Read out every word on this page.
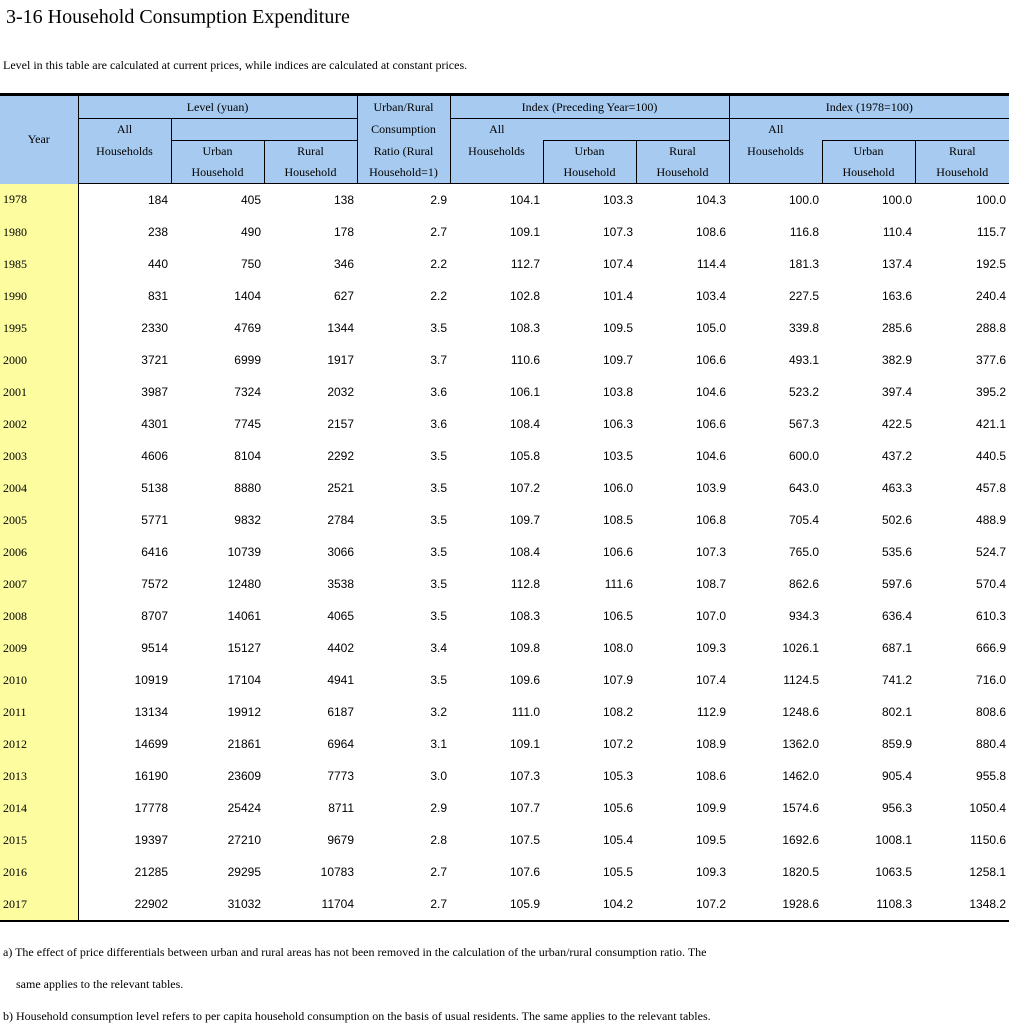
3-16 Household Consumption Expenditure
Level in this table are calculated at current prices, while indices are calculated at constant prices.
Year	Level (yuan)			Urban/Rural	Index (Preceding Year=100)			Index (1978=100)		
	All			Consumption	All			All		
	Households	Urban	Rural	Ratio (Rural	Households	Urban	Rural	Households	Urban	Rural
		Household	Household	Household=1)		Household	Household		Household	Household
1978	184	405	138	2.9	104.1	103.3	104.3	100.0	100.0	100.0
1980	238	490	178	2.7	109.1	107.3	108.6	116.8	110.4	115.7
1985	440	750	346	2.2	112.7	107.4	114.4	181.3	137.4	192.5
1990	831	1404	627	2.2	102.8	101.4	103.4	227.5	163.6	240.4
1995	2330	4769	1344	3.5	108.3	109.5	105.0	339.8	285.6	288.8
2000	3721	6999	1917	3.7	110.6	109.7	106.6	493.1	382.9	377.6
2001	3987	7324	2032	3.6	106.1	103.8	104.6	523.2	397.4	395.2
2002	4301	7745	2157	3.6	108.4	106.3	106.6	567.3	422.5	421.1
2003	4606	8104	2292	3.5	105.8	103.5	104.6	600.0	437.2	440.5
2004	5138	8880	2521	3.5	107.2	106.0	103.9	643.0	463.3	457.8
2005	5771	9832	2784	3.5	109.7	108.5	106.8	705.4	502.6	488.9
2006	6416	10739	3066	3.5	108.4	106.6	107.3	765.0	535.6	524.7
2007	7572	12480	3538	3.5	112.8	111.6	108.7	862.6	597.6	570.4
2008	8707	14061	4065	3.5	108.3	106.5	107.0	934.3	636.4	610.3
2009	9514	15127	4402	3.4	109.8	108.0	109.3	1026.1	687.1	666.9
2010	10919	17104	4941	3.5	109.6	107.9	107.4	1124.5	741.2	716.0
2011	13134	19912	6187	3.2	111.0	108.2	112.9	1248.6	802.1	808.6
2012	14699	21861	6964	3.1	109.1	107.2	108.9	1362.0	859.9	880.4
2013	16190	23609	7773	3.0	107.3	105.3	108.6	1462.0	905.4	955.8
2014	17778	25424	8711	2.9	107.7	105.6	109.9	1574.6	956.3	1050.4
2015	19397	27210	9679	2.8	107.5	105.4	109.5	1692.6	1008.1	1150.6
2016	21285	29295	10783	2.7	107.6	105.5	109.3	1820.5	1063.5	1258.1
2017	22902	31032	11704	2.7	105.9	104.2	107.2	1928.6	1108.3	1348.2
a) The effect of price differentials between urban and rural areas has not been removed in the calculation of the urban/rural consumption ratio. The
same applies to the relevant tables.
b) Household consumption level refers to per capita household consumption on the basis of usual residents. The same applies to the relevant tables.
